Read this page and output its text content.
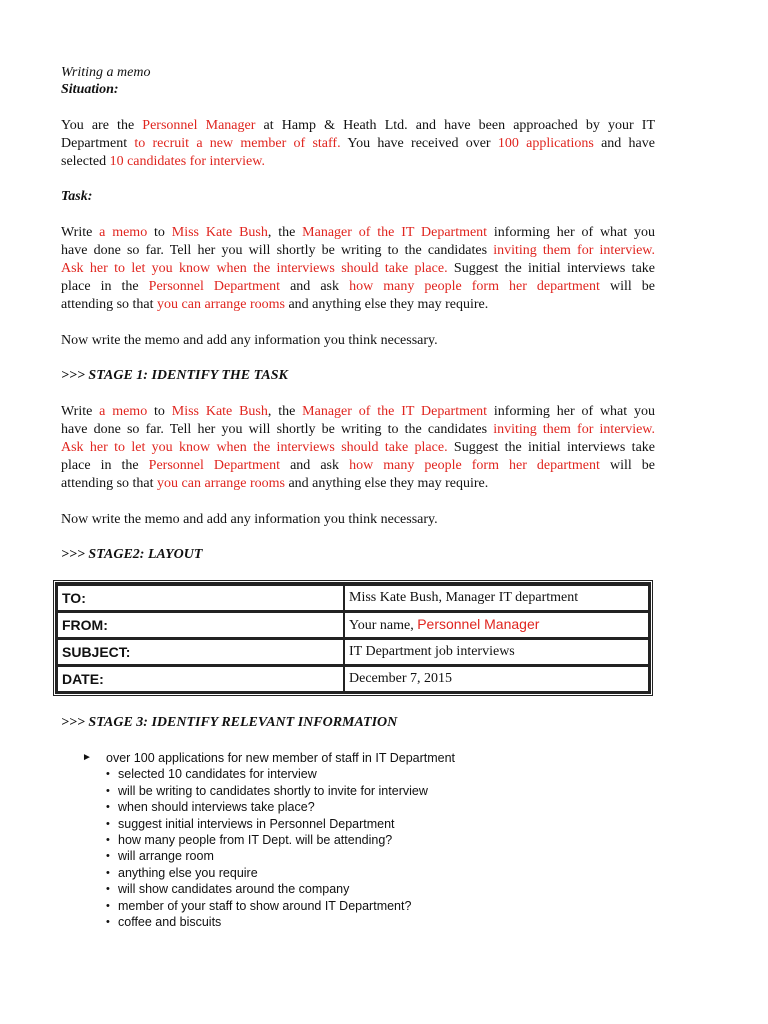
Writing a memo

Situation:

You are the Personnel Manager at Hamp & Heath Ltd. and have been approached by your IT
Department to recruit a new member of staff. You have received over 100 applications and have
selected 10 candidates for interview.

Task:

Write a memo to Miss Kate Bush, the Manager of the IT Department informing her of what you
have done so far. Tell her you will shortly be writing to the candidates inviting them for interview.
Ask her to let you know when the interviews should take place. Suggest the initial interviews take
place in the Personnel Department and ask how many people form her department will be
attending so that you can arrange rooms and anything else they may require.

Now write the memo and add any information you think necessary.

>>> STAGE 1: IDENTIFY THE TASK

Write a memo to Miss Kate Bush, the Manager of the IT Department informing her of what you
have done so far. Tell her you will shortly be writing to the candidates inviting them for interview.
Ask her to let you know when the interviews should take place. Suggest the initial interviews take
place in the Personnel Department and ask how many people form her department will be
attending so that you can arrange rooms and anything else they may require.

Now write the memo and add any information you think necessary.

>>> STAGE2: LAYOUT

TO:	Miss Kate Bush, Manager IT department
FROM:	Your name, Personnel Manager
SUBJECT:	IT Department job interviews
DATE:	December 7, 2015

>>> STAGE 3: IDENTIFY RELEVANT INFORMATION

► over 100 applications for new member of staff in IT Department
• selected 10 candidates for interview
• will be writing to candidates shortly to invite for interview
• when should interviews take place?
• suggest initial interviews in Personnel Department
• how many people from IT Dept. will be attending?
• will arrange room
• anything else you require
• will show candidates around the company
• member of your staff to show around IT Department?
• coffee and biscuits
